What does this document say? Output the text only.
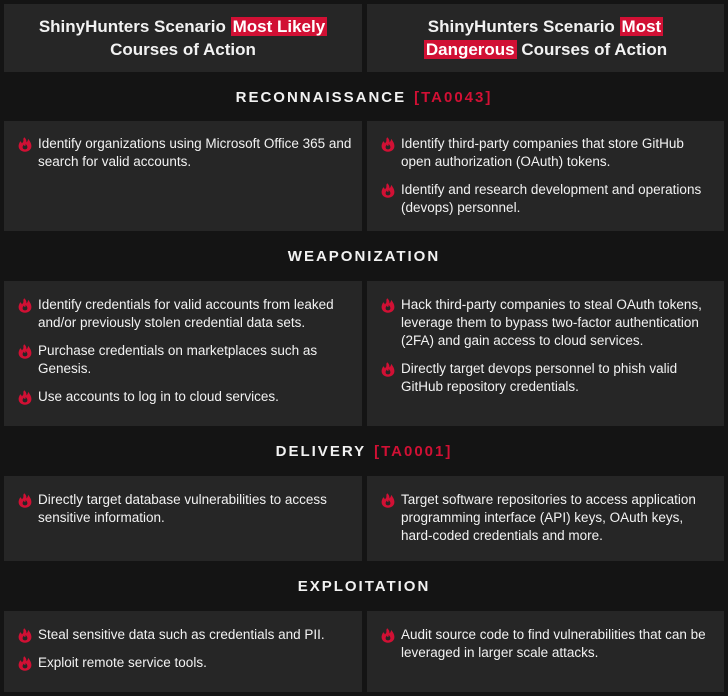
ShinyHunters Scenario Most Likely
Courses of Action
ShinyHunters Scenario Most
Dangerous Courses of Action
RECONNAISSANCE [TA0043]
Identify organizations using Microsoft Office 365 and search for valid accounts.
Identify third-party companies that store GitHub open authorization (OAuth) tokens.
Identify and research development and operations (devops) personnel.
WEAPONIZATION
Identify credentials for valid accounts from leaked and/or previously stolen credential data sets.
Purchase credentials on marketplaces such as Genesis.
Use accounts to log in to cloud services.
Hack third-party companies to steal OAuth tokens, leverage them to bypass two-factor authentication (2FA) and gain access to cloud services.
Directly target devops personnel to phish valid GitHub repository credentials.
DELIVERY [TA0001]
Directly target database vulnerabilities to access sensitive information.
Target software repositories to access application programming interface (API) keys, OAuth keys, hard-coded credentials and more.
EXPLOITATION
Steal sensitive data such as credentials and PII.
Exploit remote service tools.
Audit source code to find vulnerabilities that can be leveraged in larger scale attacks.
